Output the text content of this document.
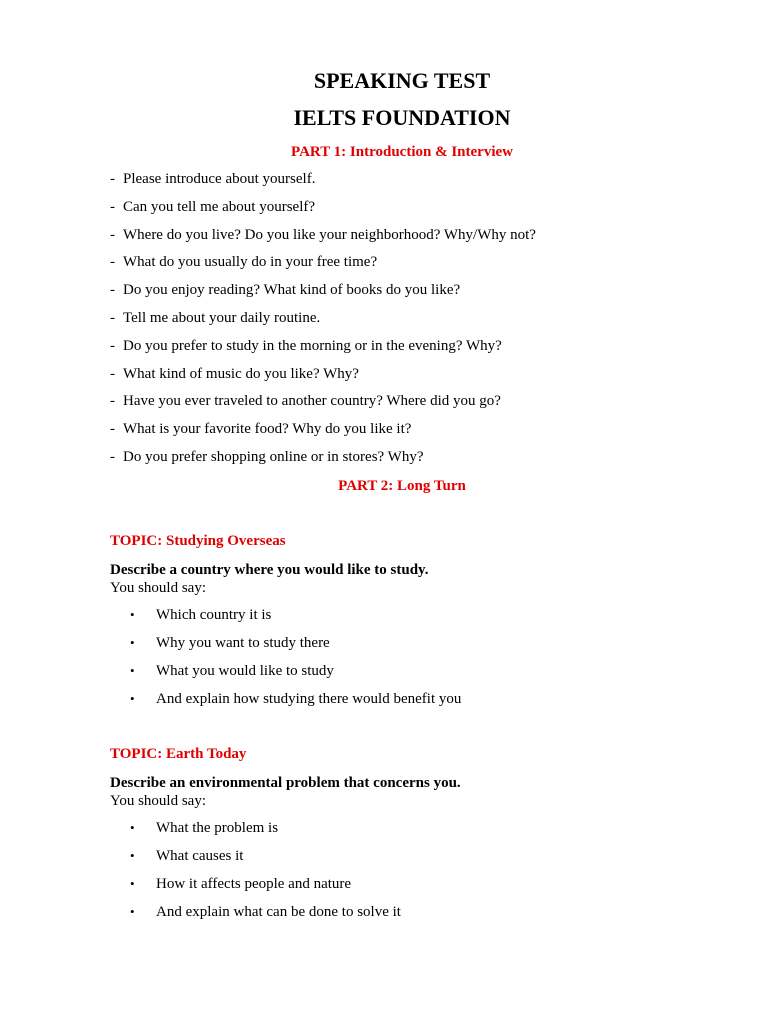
SPEAKING TEST
IELTS FOUNDATION
PART 1: Introduction & Interview
- Please introduce about yourself.
- Can you tell me about yourself?
- Where do you live? Do you like your neighborhood? Why/Why not?
- What do you usually do in your free time?
- Do you enjoy reading? What kind of books do you like?
- Tell me about your daily routine.
- Do you prefer to study in the morning or in the evening? Why?
- What kind of music do you like? Why?
- Have you ever traveled to another country? Where did you go?
- What is your favorite food? Why do you like it?
- Do you prefer shopping online or in stores? Why?
PART 2: Long Turn
TOPIC: Studying Overseas
Describe a country where you would like to study.
You should say:
• Which country it is
• Why you want to study there
• What you would like to study
• And explain how studying there would benefit you
TOPIC: Earth Today
Describe an environmental problem that concerns you.
You should say:
• What the problem is
• What causes it
• How it affects people and nature
• And explain what can be done to solve it
